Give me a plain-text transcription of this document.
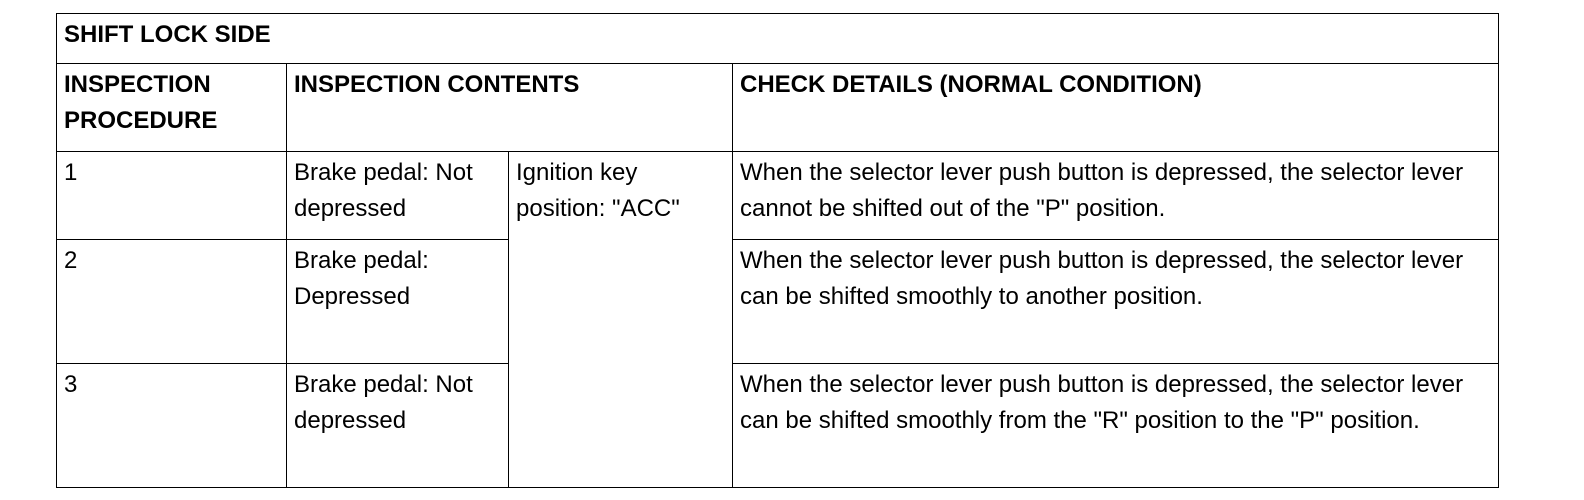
SHIFT LOCK SIDE			
INSPECTION PROCEDURE	INSPECTION CONTENTS		CHECK DETAILS (NORMAL CONDITION)
1	Brake pedal: Not depressed	Ignition key position: "ACC"	When the selector lever push button is depressed, the selector lever cannot be shifted out of the "P" position.
2	Brake pedal: Depressed		When the selector lever push button is depressed, the selector lever can be shifted smoothly to another position.
3	Brake pedal: Not depressed		When the selector lever push button is depressed, the selector lever can be shifted smoothly from the "R" position to the "P" position.
